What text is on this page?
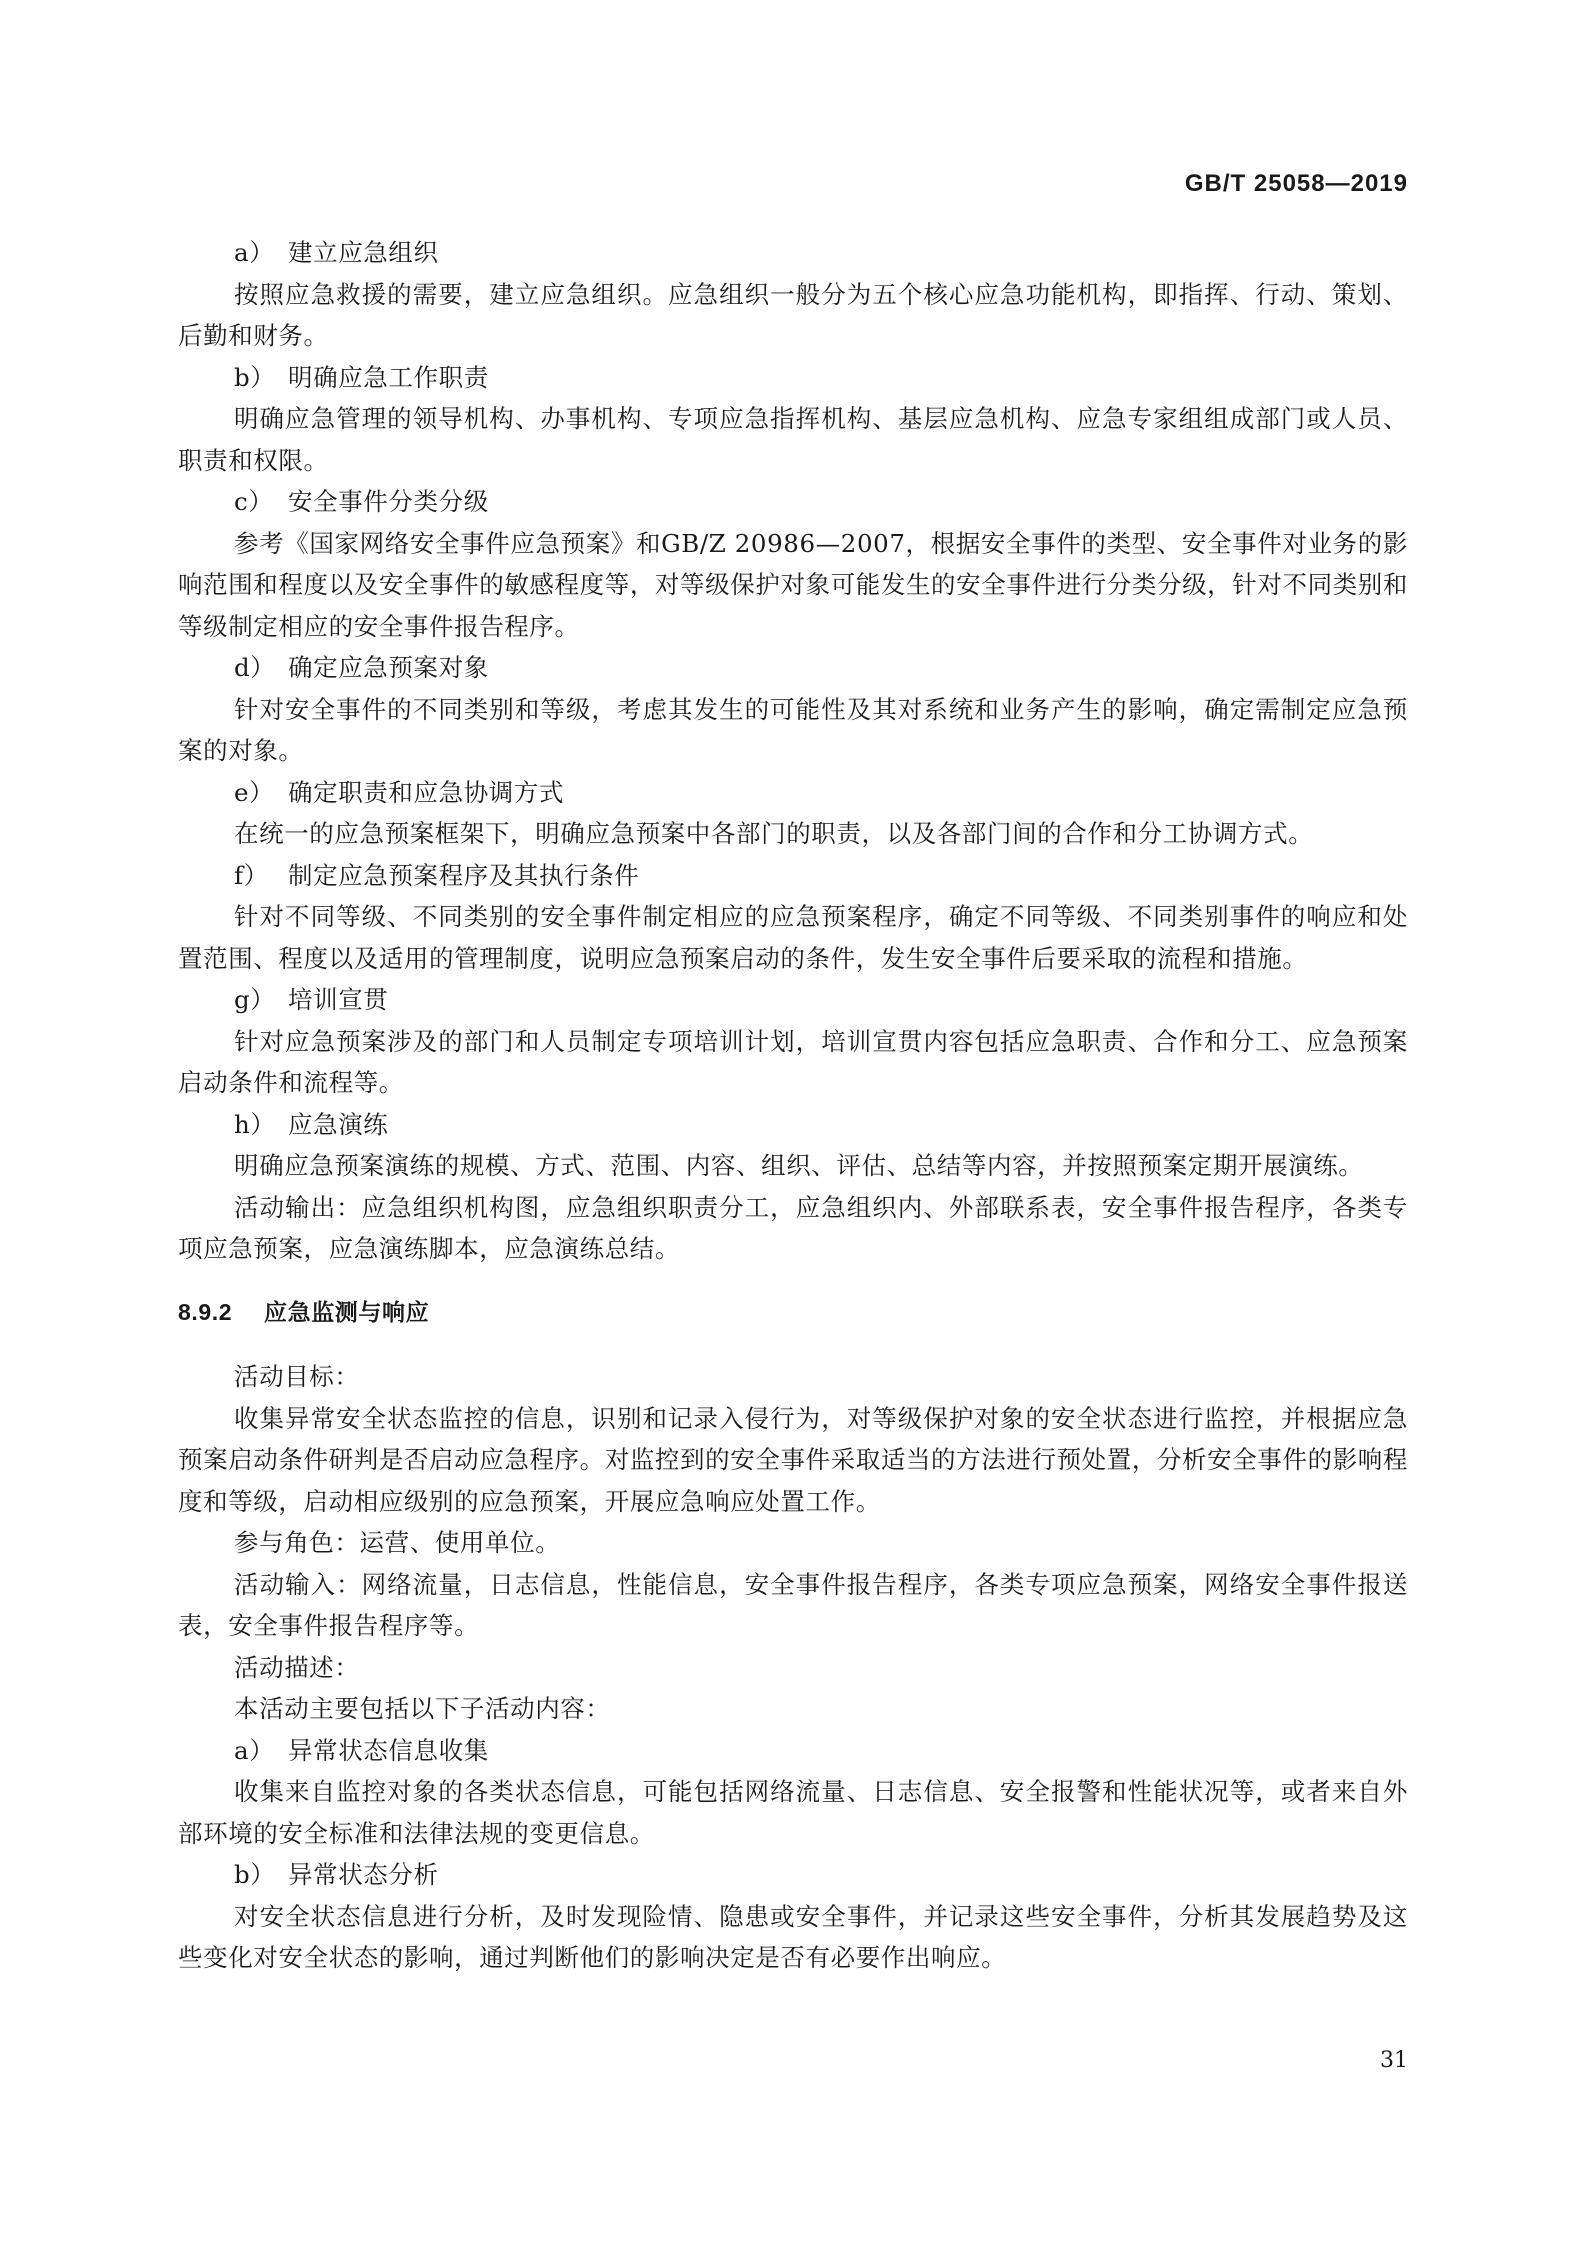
GB/T 25058—2019

a） 建立应急组织

按照应急救援的需要，建立应急组织。应急组织一般分为五个核心应急功能机构，即指挥、行动、策划、后勤和财务。

b） 明确应急工作职责

明确应急管理的领导机构、办事机构、专项应急指挥机构、基层应急机构、应急专家组组成部门或人员、职责和权限。

c） 安全事件分类分级

参考《国家网络安全事件应急预案》和GB/Z 20986—2007，根据安全事件的类型、安全事件对业务的影响范围和程度以及安全事件的敏感程度等，对等级保护对象可能发生的安全事件进行分类分级，针对不同类别和等级制定相应的安全事件报告程序。

d） 确定应急预案对象

针对安全事件的不同类别和等级，考虑其发生的可能性及其对系统和业务产生的影响，确定需制定应急预案的对象。

e） 确定职责和应急协调方式

在统一的应急预案框架下，明确应急预案中各部门的职责，以及各部门间的合作和分工协调方式。

f） 制定应急预案程序及其执行条件

针对不同等级、不同类别的安全事件制定相应的应急预案程序，确定不同等级、不同类别事件的响应和处置范围、程度以及适用的管理制度，说明应急预案启动的条件，发生安全事件后要采取的流程和措施。

g） 培训宣贯

针对应急预案涉及的部门和人员制定专项培训计划，培训宣贯内容包括应急职责、合作和分工、应急预案启动条件和流程等。

h） 应急演练

明确应急预案演练的规模、方式、范围、内容、组织、评估、总结等内容，并按照预案定期开展演练。

活动输出：应急组织机构图，应急组织职责分工，应急组织内、外部联系表，安全事件报告程序，各类专项应急预案，应急演练脚本，应急演练总结。

8.9.2 应急监测与响应

活动目标：

收集异常安全状态监控的信息，识别和记录入侵行为，对等级保护对象的安全状态进行监控，并根据应急预案启动条件研判是否启动应急程序。对监控到的安全事件采取适当的方法进行预处置，分析安全事件的影响程度和等级，启动相应级别的应急预案，开展应急响应处置工作。

参与角色：运营、使用单位。

活动输入：网络流量，日志信息，性能信息，安全事件报告程序，各类专项应急预案，网络安全事件报送表，安全事件报告程序等。

活动描述：

本活动主要包括以下子活动内容：

a） 异常状态信息收集

收集来自监控对象的各类状态信息，可能包括网络流量、日志信息、安全报警和性能状况等，或者来自外部环境的安全标准和法律法规的变更信息。

b） 异常状态分析

对安全状态信息进行分析，及时发现险情、隐患或安全事件，并记录这些安全事件，分析其发展趋势及这些变化对安全状态的影响，通过判断他们的影响决定是否有必要作出响应。

31
